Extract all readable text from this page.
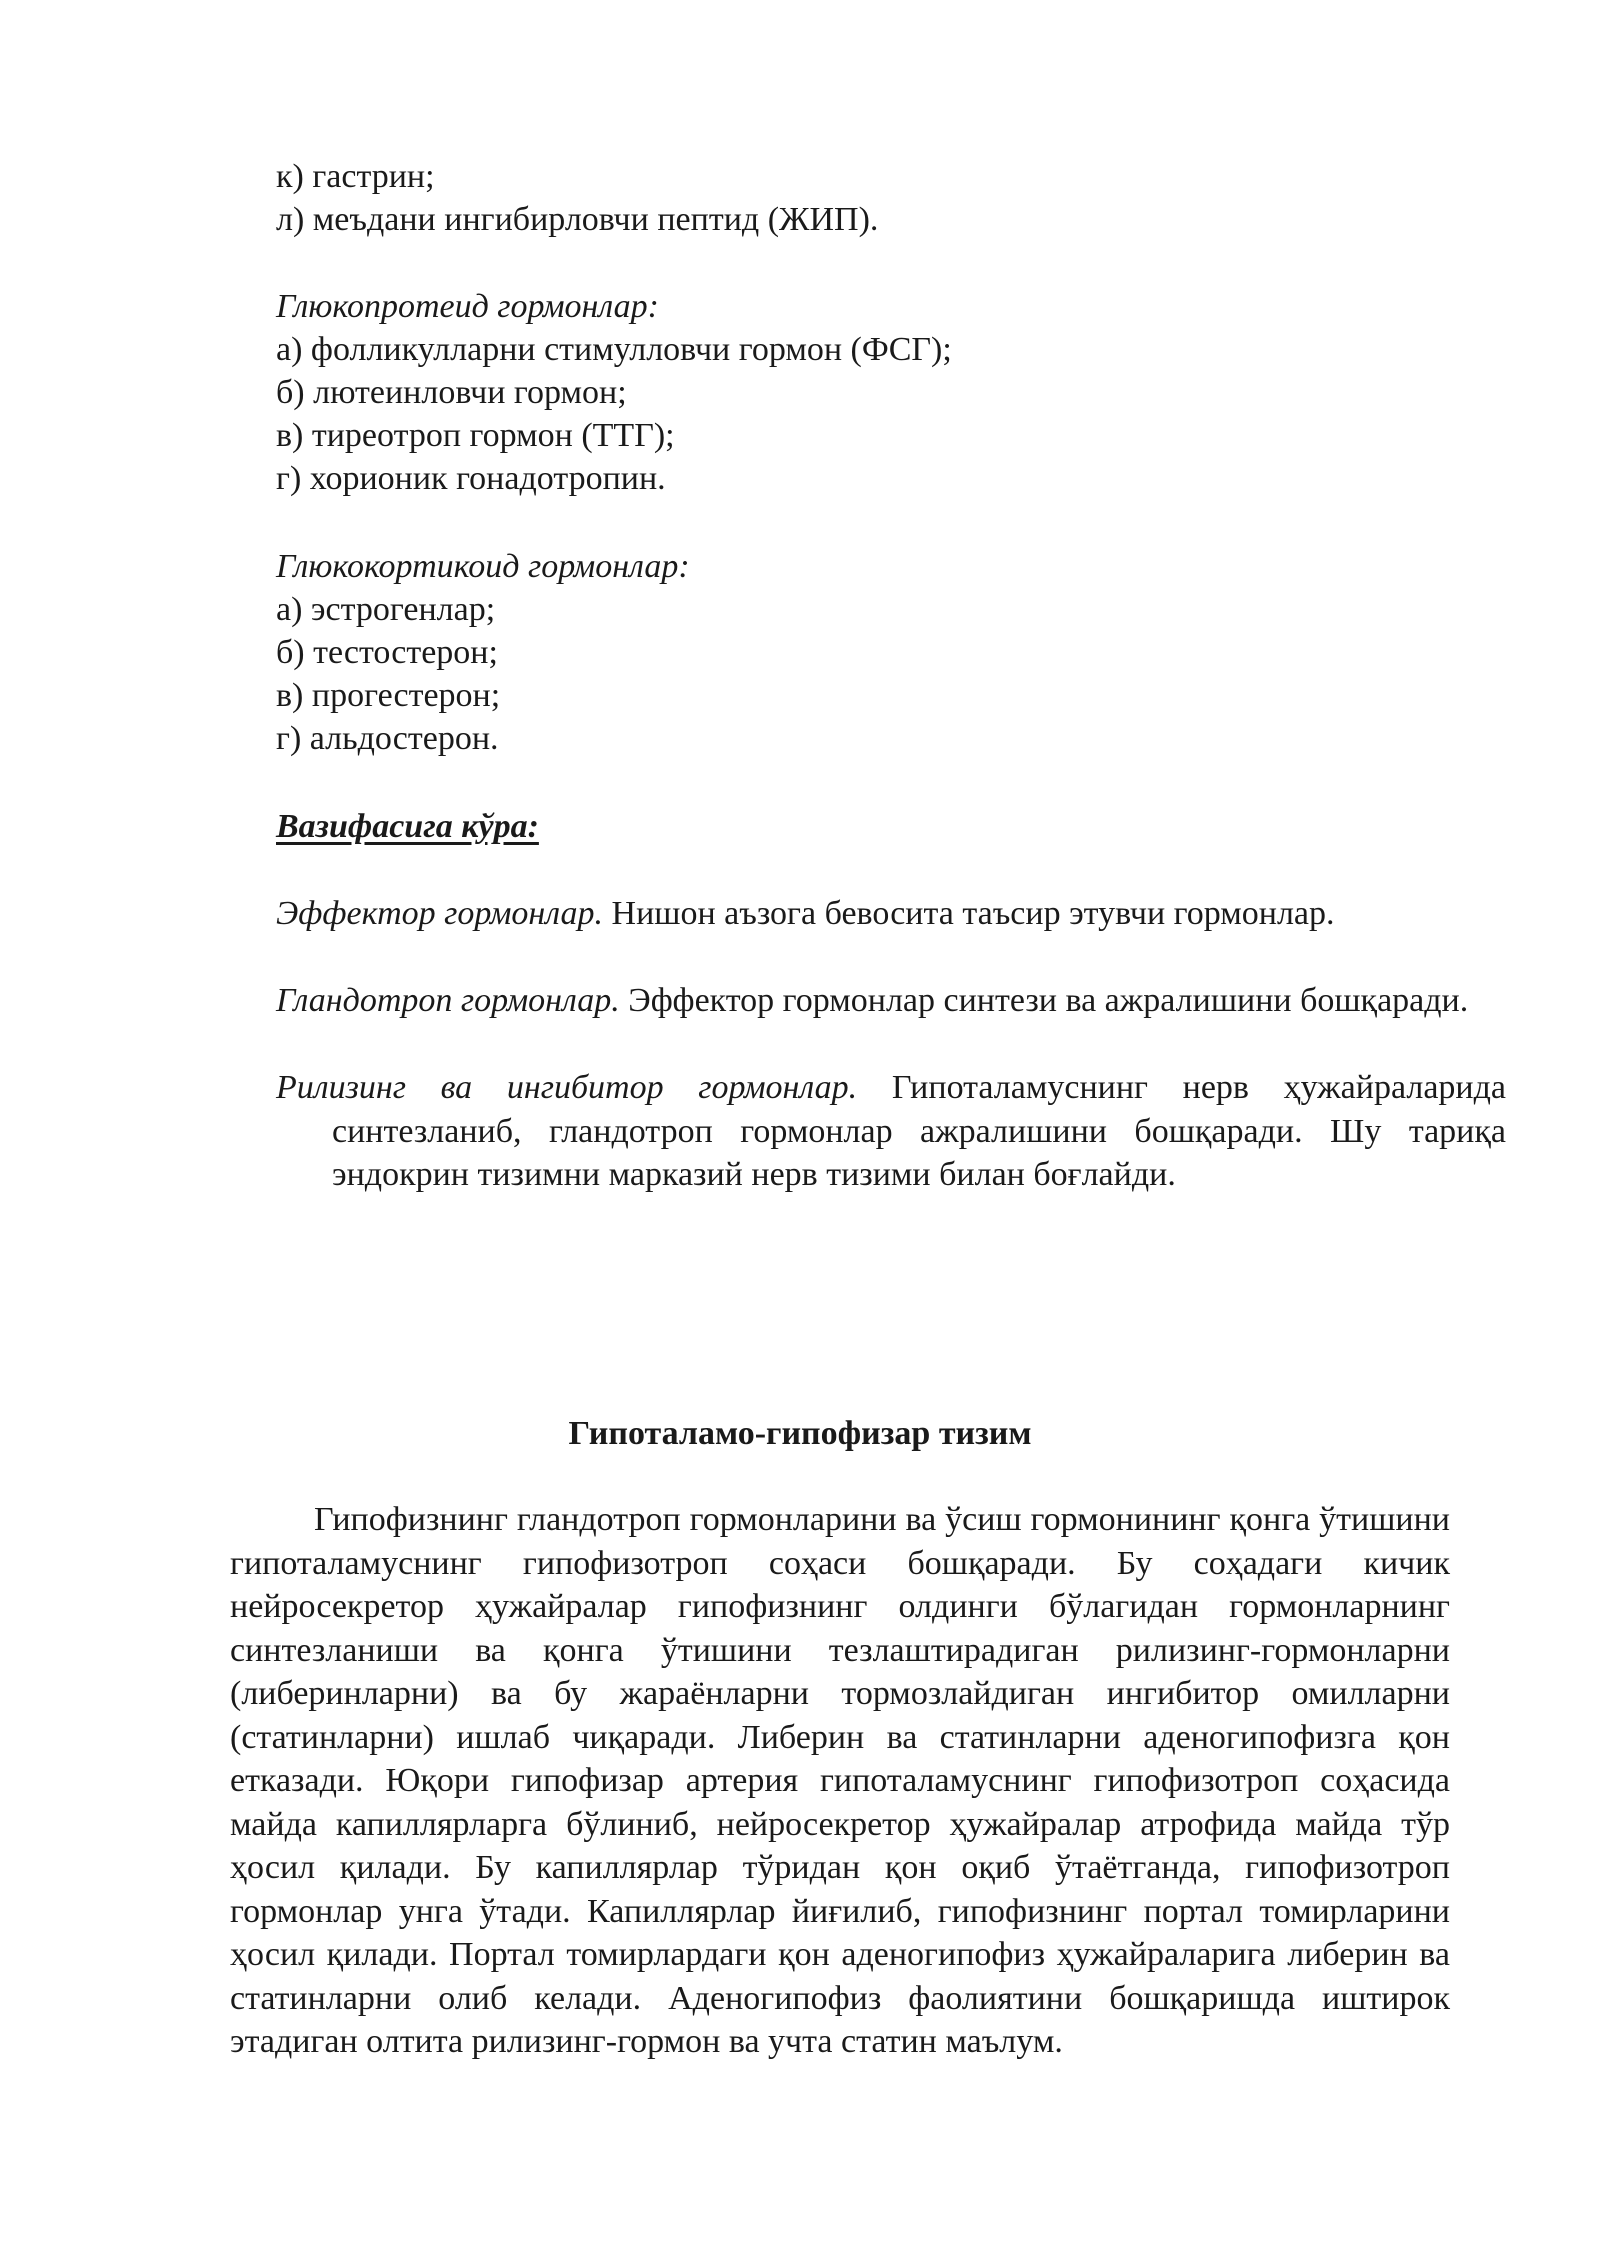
к) гастрин;
л) меъдани ингибирловчи пептид (ЖИП).
Глюкопротеид гормонлар:
а) фолликулларни стимулловчи гормон (ФСГ);
б) лютеинловчи гормон;
в) тиреотроп гормон (ТТГ);
г) хорионик гонадотропин.
Глюкокортикоид гормонлар:
а) эстрогенлар;
б) тестостерон;
в) прогестерон;
г) альдостерон.
Вазифасига кўра:
Эффектор гормонлар. Нишон аъзога бевосита таъсир этувчи гормонлар.
Гландотроп гормонлар. Эффектор гормонлар синтези ва ажралишини бошқаради.
Рилизинг ва ингибитор гормонлар. Гипоталамуснинг нерв ҳужайраларида синтезланиб, гландотроп гормонлар ажралишини бошқаради. Шу тариқа эндокрин тизимни марказий нерв тизими билан боғлайди.
Гипоталамо-гипофизар тизим
Гипофизнинг гландотроп гормонларини ва ўсиш гормонининг қонга ўтишини гипоталамуснинг гипофизотроп соҳаси бошқаради. Бу соҳадаги кичик нейросекретор ҳужайралар гипофизнинг олдинги бўлагидан гормонларнинг синтезланиши ва қонга ўтишини тезлаштирадиган рилизинг-гормонларни (либеринларни) ва бу жараёнларни тормозлайдиган ингибитор омилларни (статинларни) ишлаб чиқаради. Либерин ва статинларни аденогипофизга қон етказади. Юқори гипофизар артерия гипоталамуснинг гипофизотроп соҳасида майда капиллярларга бўлиниб, нейросекретор ҳужайралар атрофида майда тўр ҳосил қилади. Бу капиллярлар тўридан қон оқиб ўтаётганда, гипофизотроп гормонлар унга ўтади. Капиллярлар йиғилиб, гипофизнинг портал томирларини ҳосил қилади. Портал томирлардаги қон аденогипофиз ҳужайраларига либерин ва статинларни олиб келади. Аденогипофиз фаолиятини бошқаришда иштирок этадиган олтита рилизинг-гормон ва учта статин маълум.
